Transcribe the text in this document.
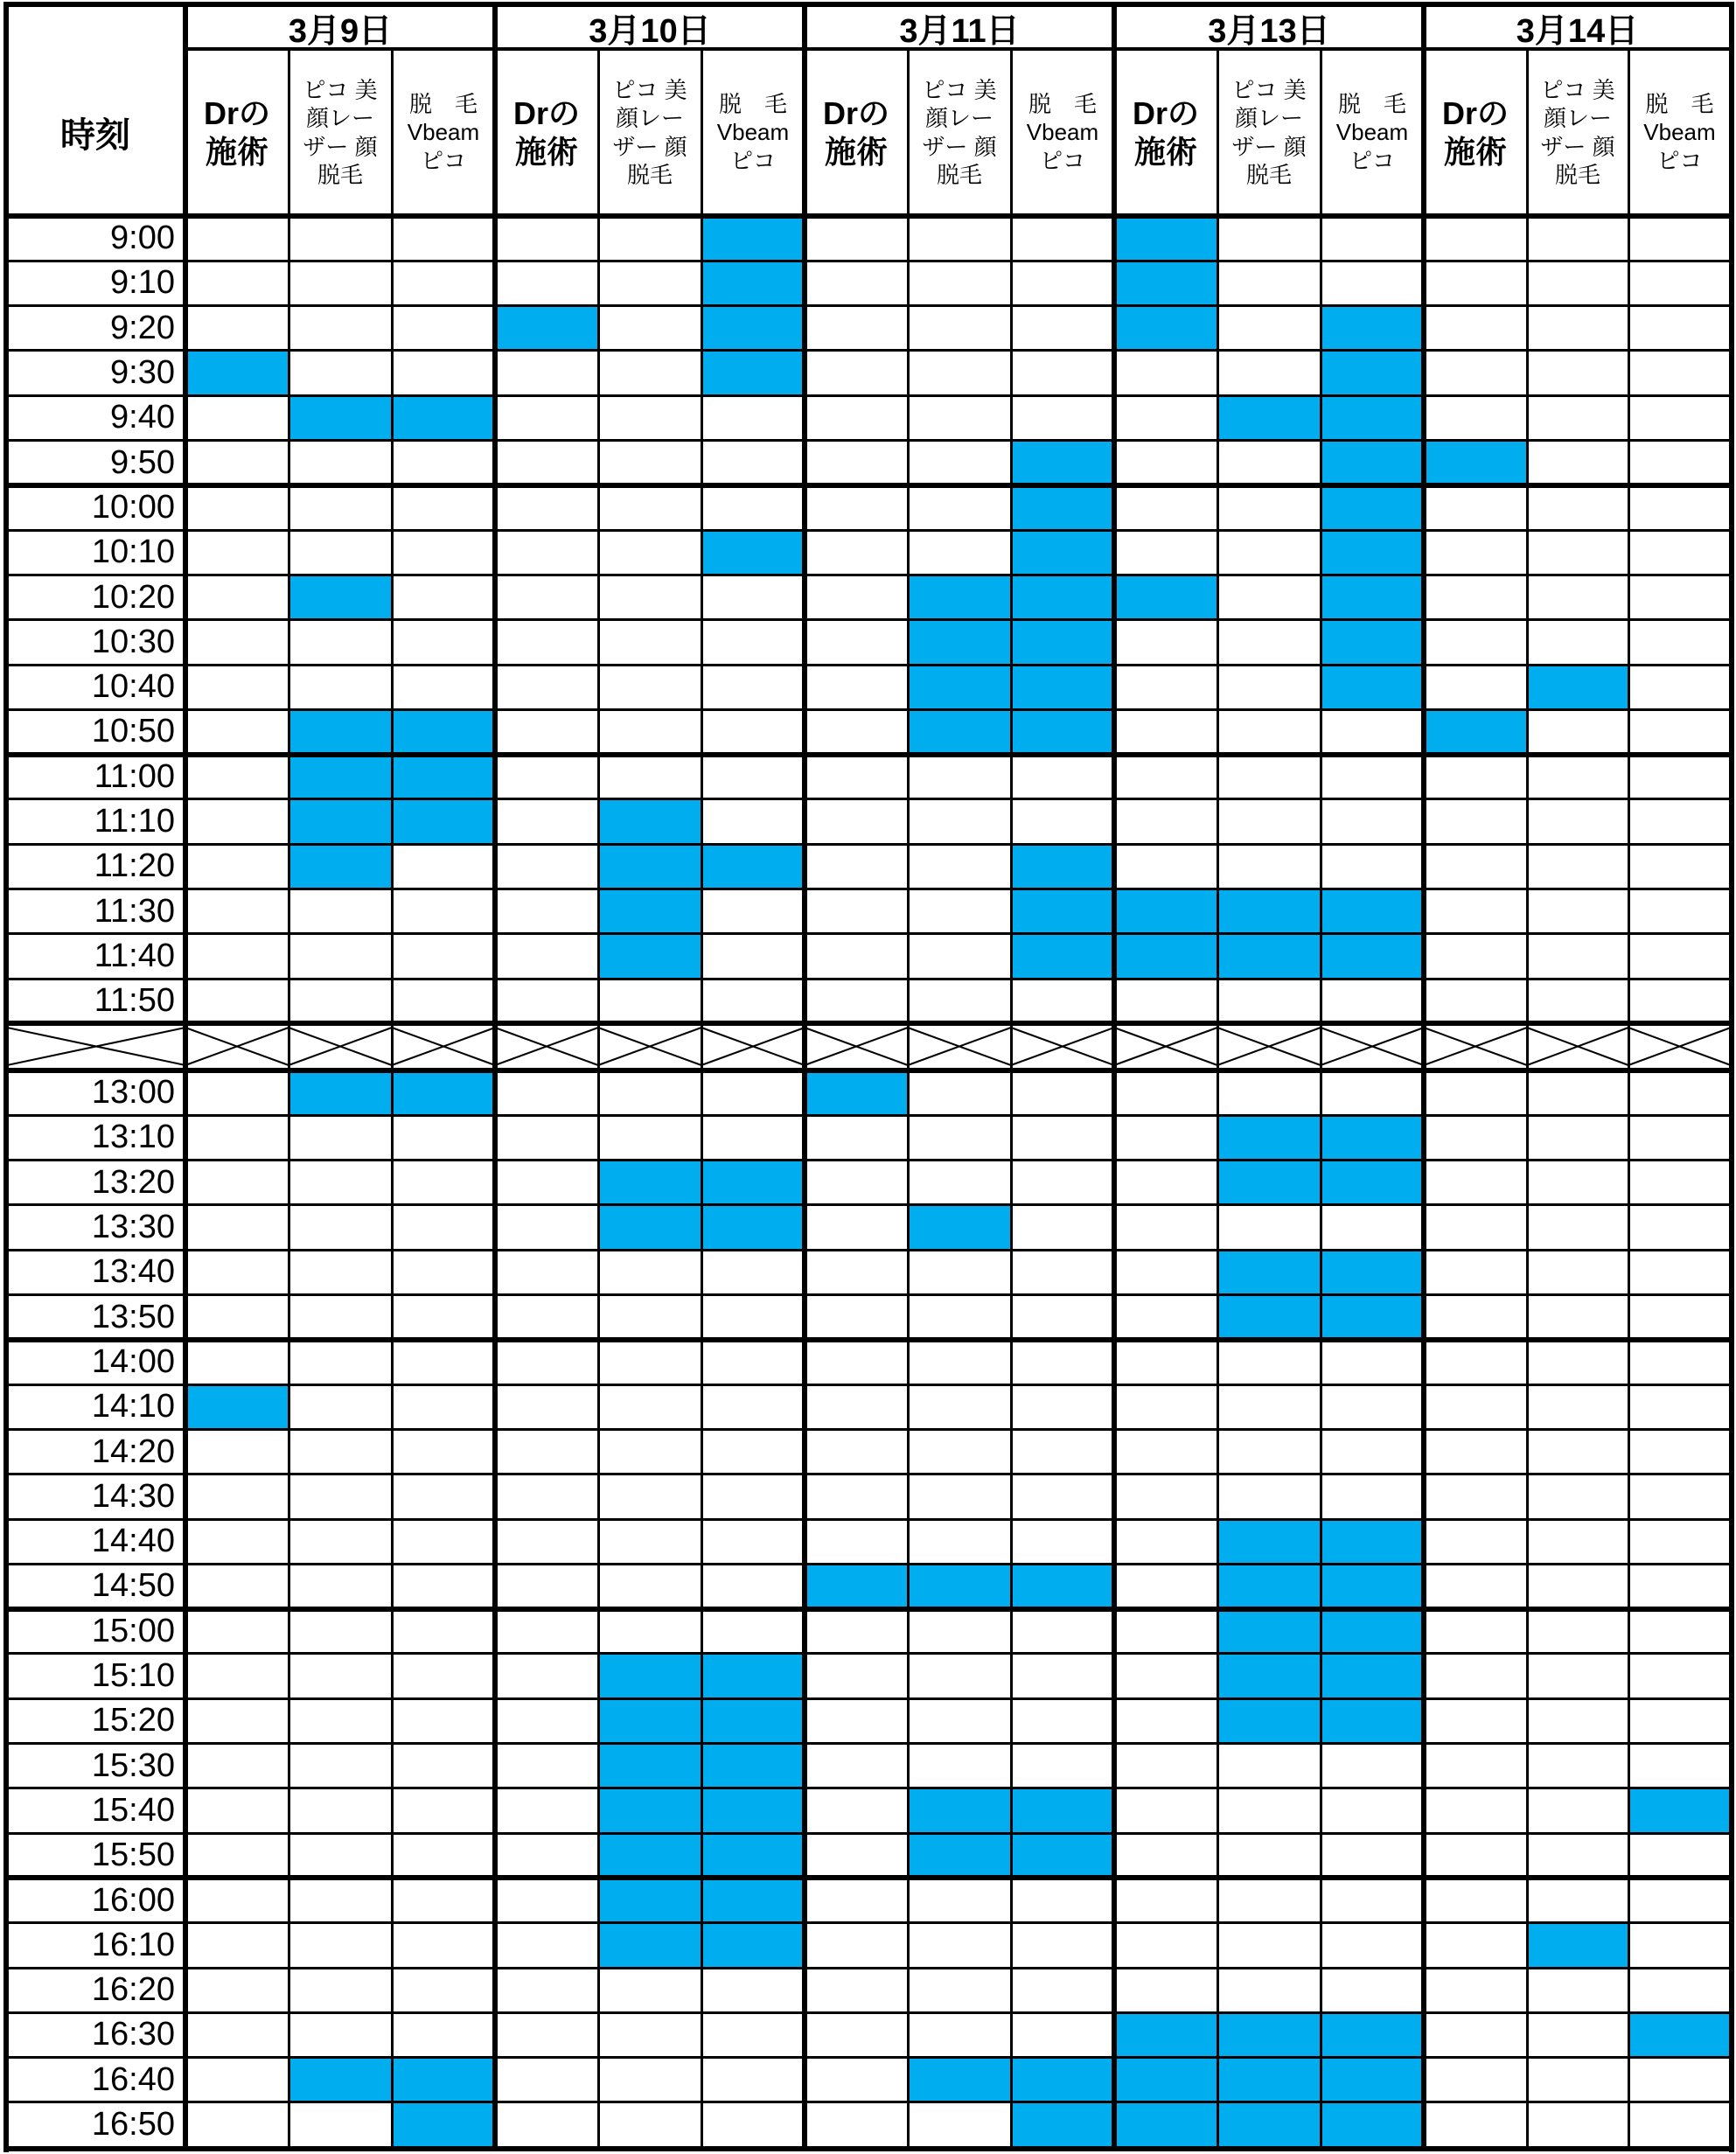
時刻
3月9日
Drの
施術
ピコ 美
顔レー
ザー 顔
脱毛
脱　毛
Vbeam
ピコ
3月10日
Drの
施術
ピコ 美
顔レー
ザー 顔
脱毛
脱　毛
Vbeam
ピコ
3月11日
Drの
施術
ピコ 美
顔レー
ザー 顔
脱毛
脱　毛
Vbeam
ピコ
3月13日
Drの
施術
ピコ 美
顔レー
ザー 顔
脱毛
脱　毛
Vbeam
ピコ
3月14日
Drの
施術
ピコ 美
顔レー
ザー 顔
脱毛
脱　毛
Vbeam
ピコ
9:00
9:10
9:20
9:30
9:40
9:50
10:00
10:10
10:20
10:30
10:40
10:50
11:00
11:10
11:20
11:30
11:40
11:50
13:00
13:10
13:20
13:30
13:40
13:50
14:00
14:10
14:20
14:30
14:40
14:50
15:00
15:10
15:20
15:30
15:40
15:50
16:00
16:10
16:20
16:30
16:40
16:50
